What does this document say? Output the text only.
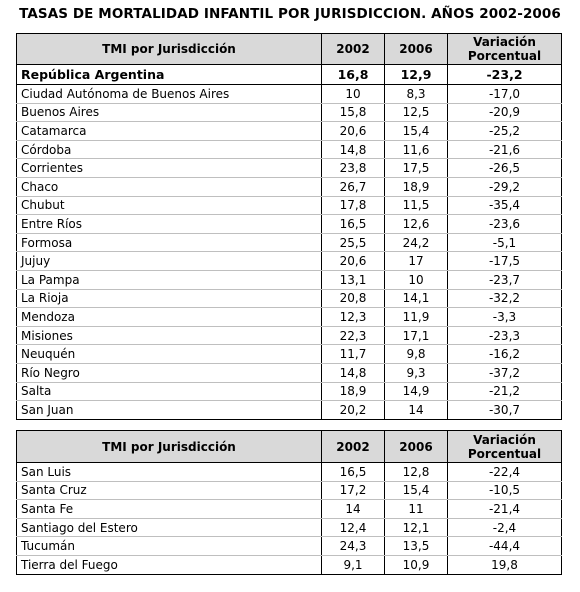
TASAS DE MORTALIDAD INFANTIL POR JURISDICCION. AÑOS 2002-2006
TMI por Jurisdicción	2002	2006	Variación
Porcentual
República Argentina	16,8	12,9	-23,2
Ciudad Autónoma de Buenos Aires	10	8,3	-17,0
Buenos Aires	15,8	12,5	-20,9
Catamarca	20,6	15,4	-25,2
Córdoba	14,8	11,6	-21,6
Corrientes	23,8	17,5	-26,5
Chaco	26,7	18,9	-29,2
Chubut	17,8	11,5	-35,4
Entre Ríos	16,5	12,6	-23,6
Formosa	25,5	24,2	-5,1
Jujuy	20,6	17	-17,5
La Pampa	13,1	10	-23,7
La Rioja	20,8	14,1	-32,2
Mendoza	12,3	11,9	-3,3
Misiones	22,3	17,1	-23,3
Neuquén	11,7	9,8	-16,2
Río Negro	14,8	9,3	-37,2
Salta	18,9	14,9	-21,2
San Juan	20,2	14	-30,7
TMI por Jurisdicción	2002	2006	Variación
Porcentual
San Luis	16,5	12,8	-22,4
Santa Cruz	17,2	15,4	-10,5
Santa Fe	14	11	-21,4
Santiago del Estero	12,4	12,1	-2,4
Tucumán	24,3	13,5	-44,4
Tierra del Fuego	9,1	10,9	19,8
